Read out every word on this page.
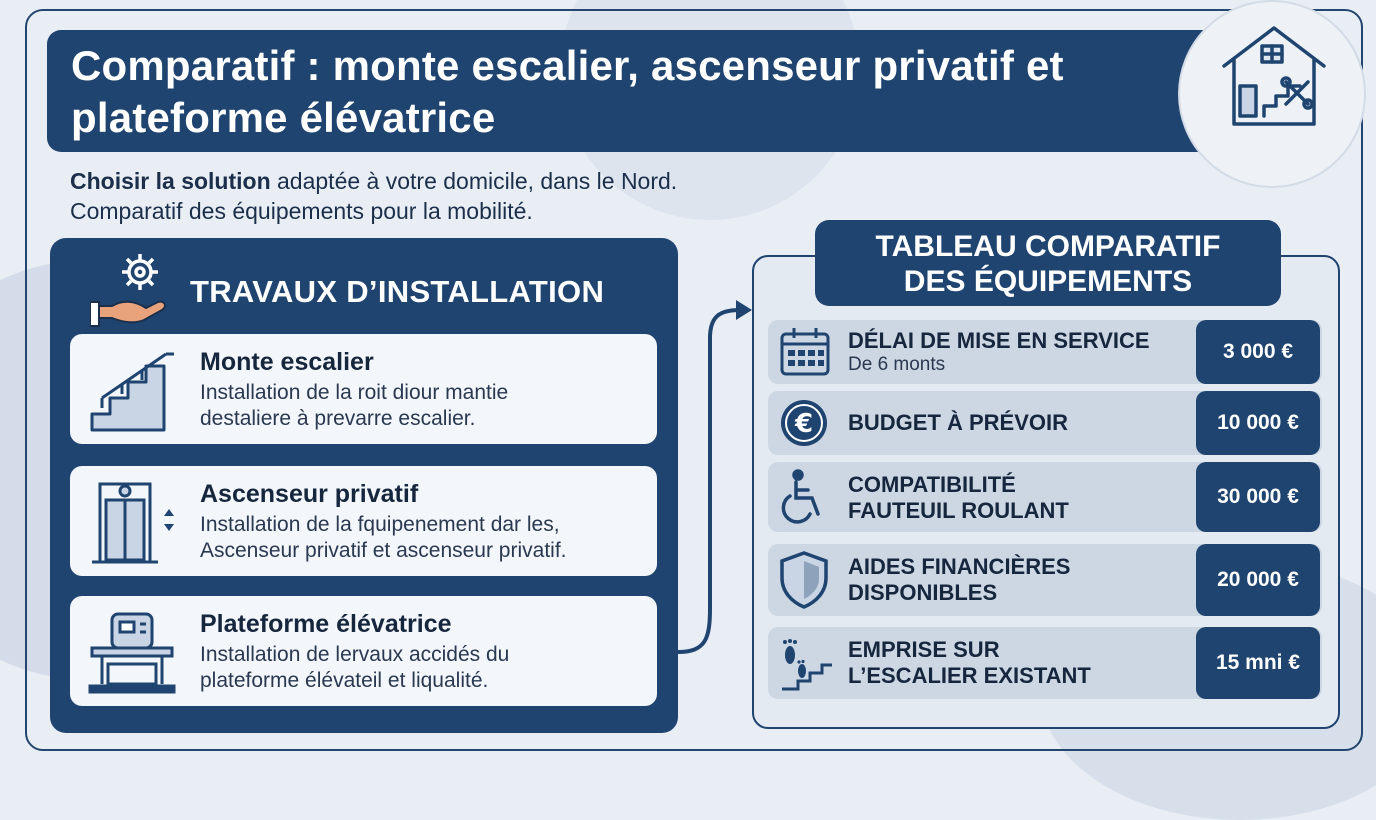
Comparatif : monte escalier, ascenseur privatif et plateforme élévatrice
Choisir la solution adaptée à votre domicile, dans le Nord.
Comparatif des équipements pour la mobilité.
TRAVAUX D’INSTALLATION
Monte escalier
Installation de la roit diour mantie
destaliere à prevarre escalier.
Ascenseur privatif
Installation de la fquipenement dar les,
Ascenseur privatif et ascenseur privatif.
Plateforme élévatrice
Installation de lervaux accidés du
plateforme élévateil et liqualité.
TABLEAU COMPARATIF
DES ÉQUIPEMENTS
DÉLAI DE MISE EN SERVICE
De 6 monts
3 000 €
€ BUDGET À PRÉVOIR	10 000 €
COMPATIBILITÉ
FAUTEUIL ROULANT
30 000 €
AIDES FINANCIÈRES
DISPONIBLES
20 000 €
EMPRISE SUR
L’ESCALIER EXISTANT
15 mni €
